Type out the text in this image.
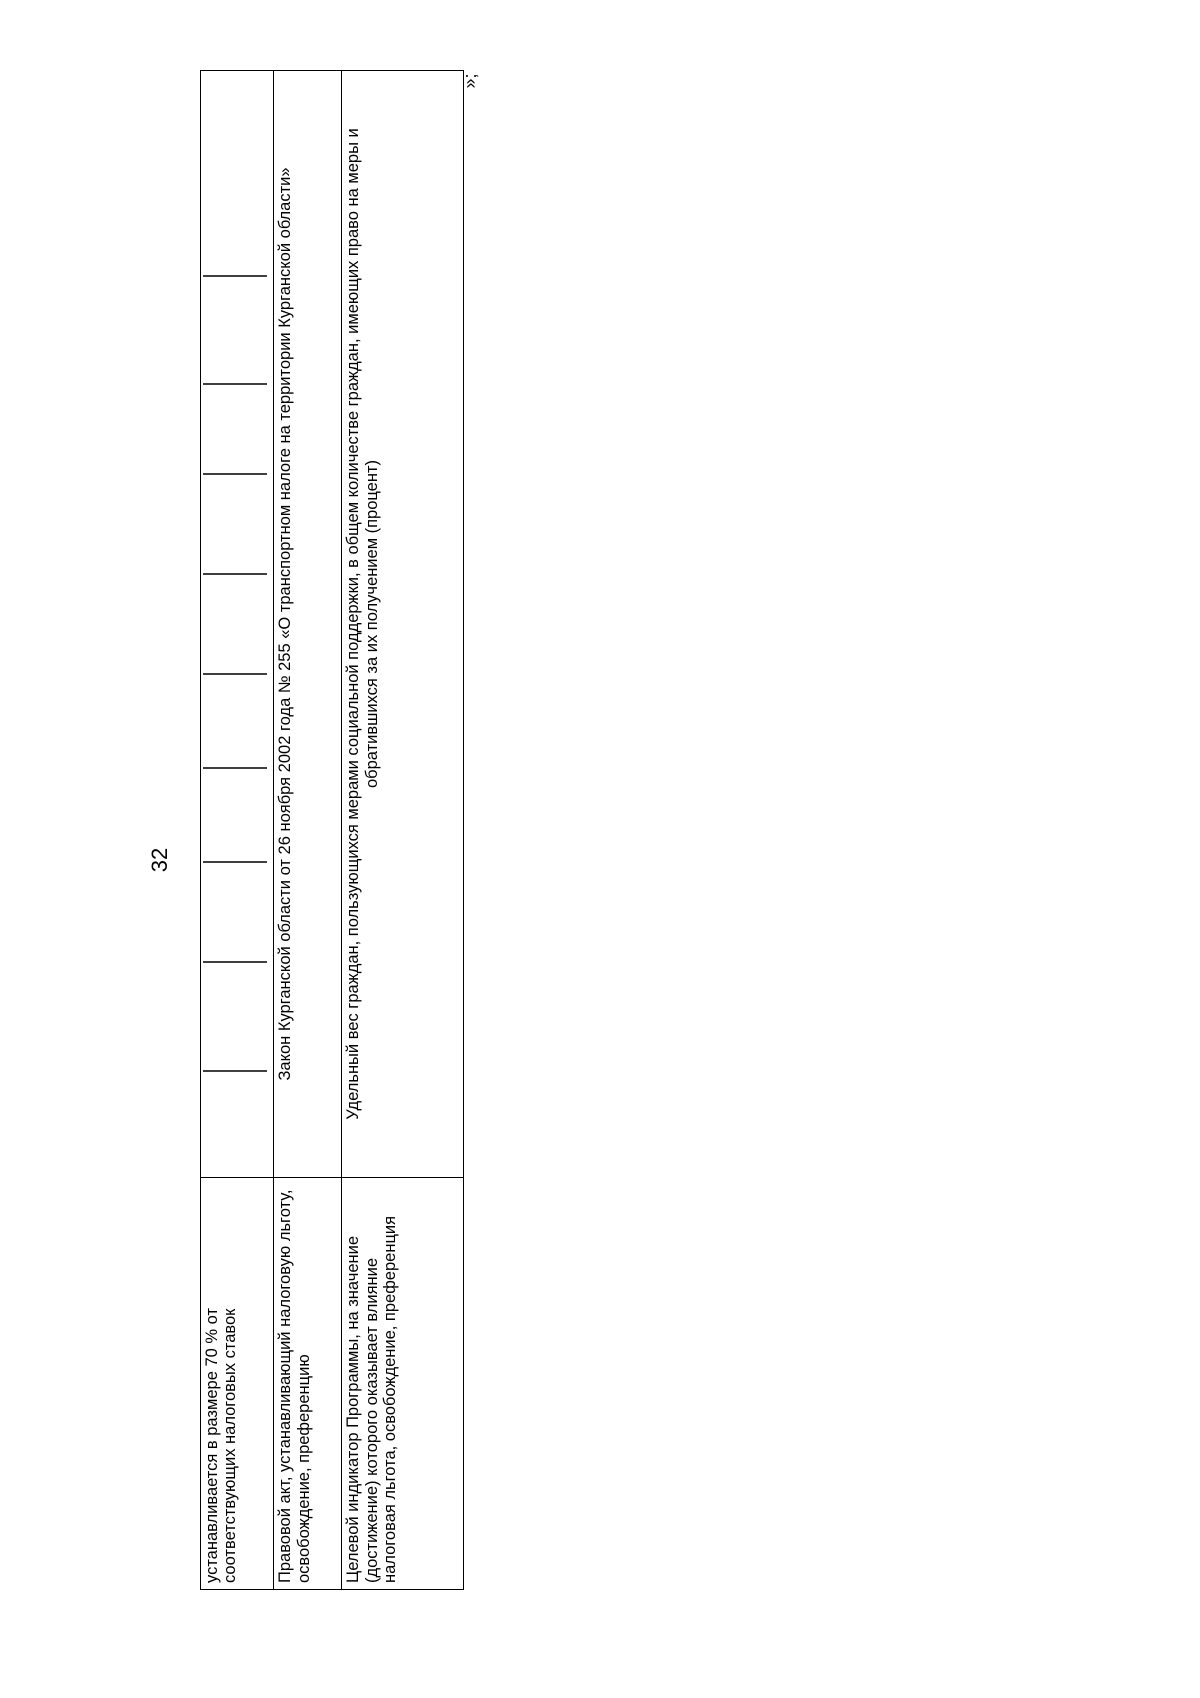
32
устанавливается в размере 70 % от соответствующих налоговых ставок	
Правовой акт, устанавливающий налоговую льготу, освобождение, преференцию	Закон Курганской области от 26 ноября 2002 года № 255 «О транспортном налоге на территории Курганской области»
Целевой индикатор Программы, на значение (достижение) которого оказывает влияние налоговая льгота, освобождение, преференция	Удельный вес граждан, пользующихся мерами социальной поддержки, в общем количестве граждан, имеющих право на меры и обратившихся за их получением (процент)
»;
